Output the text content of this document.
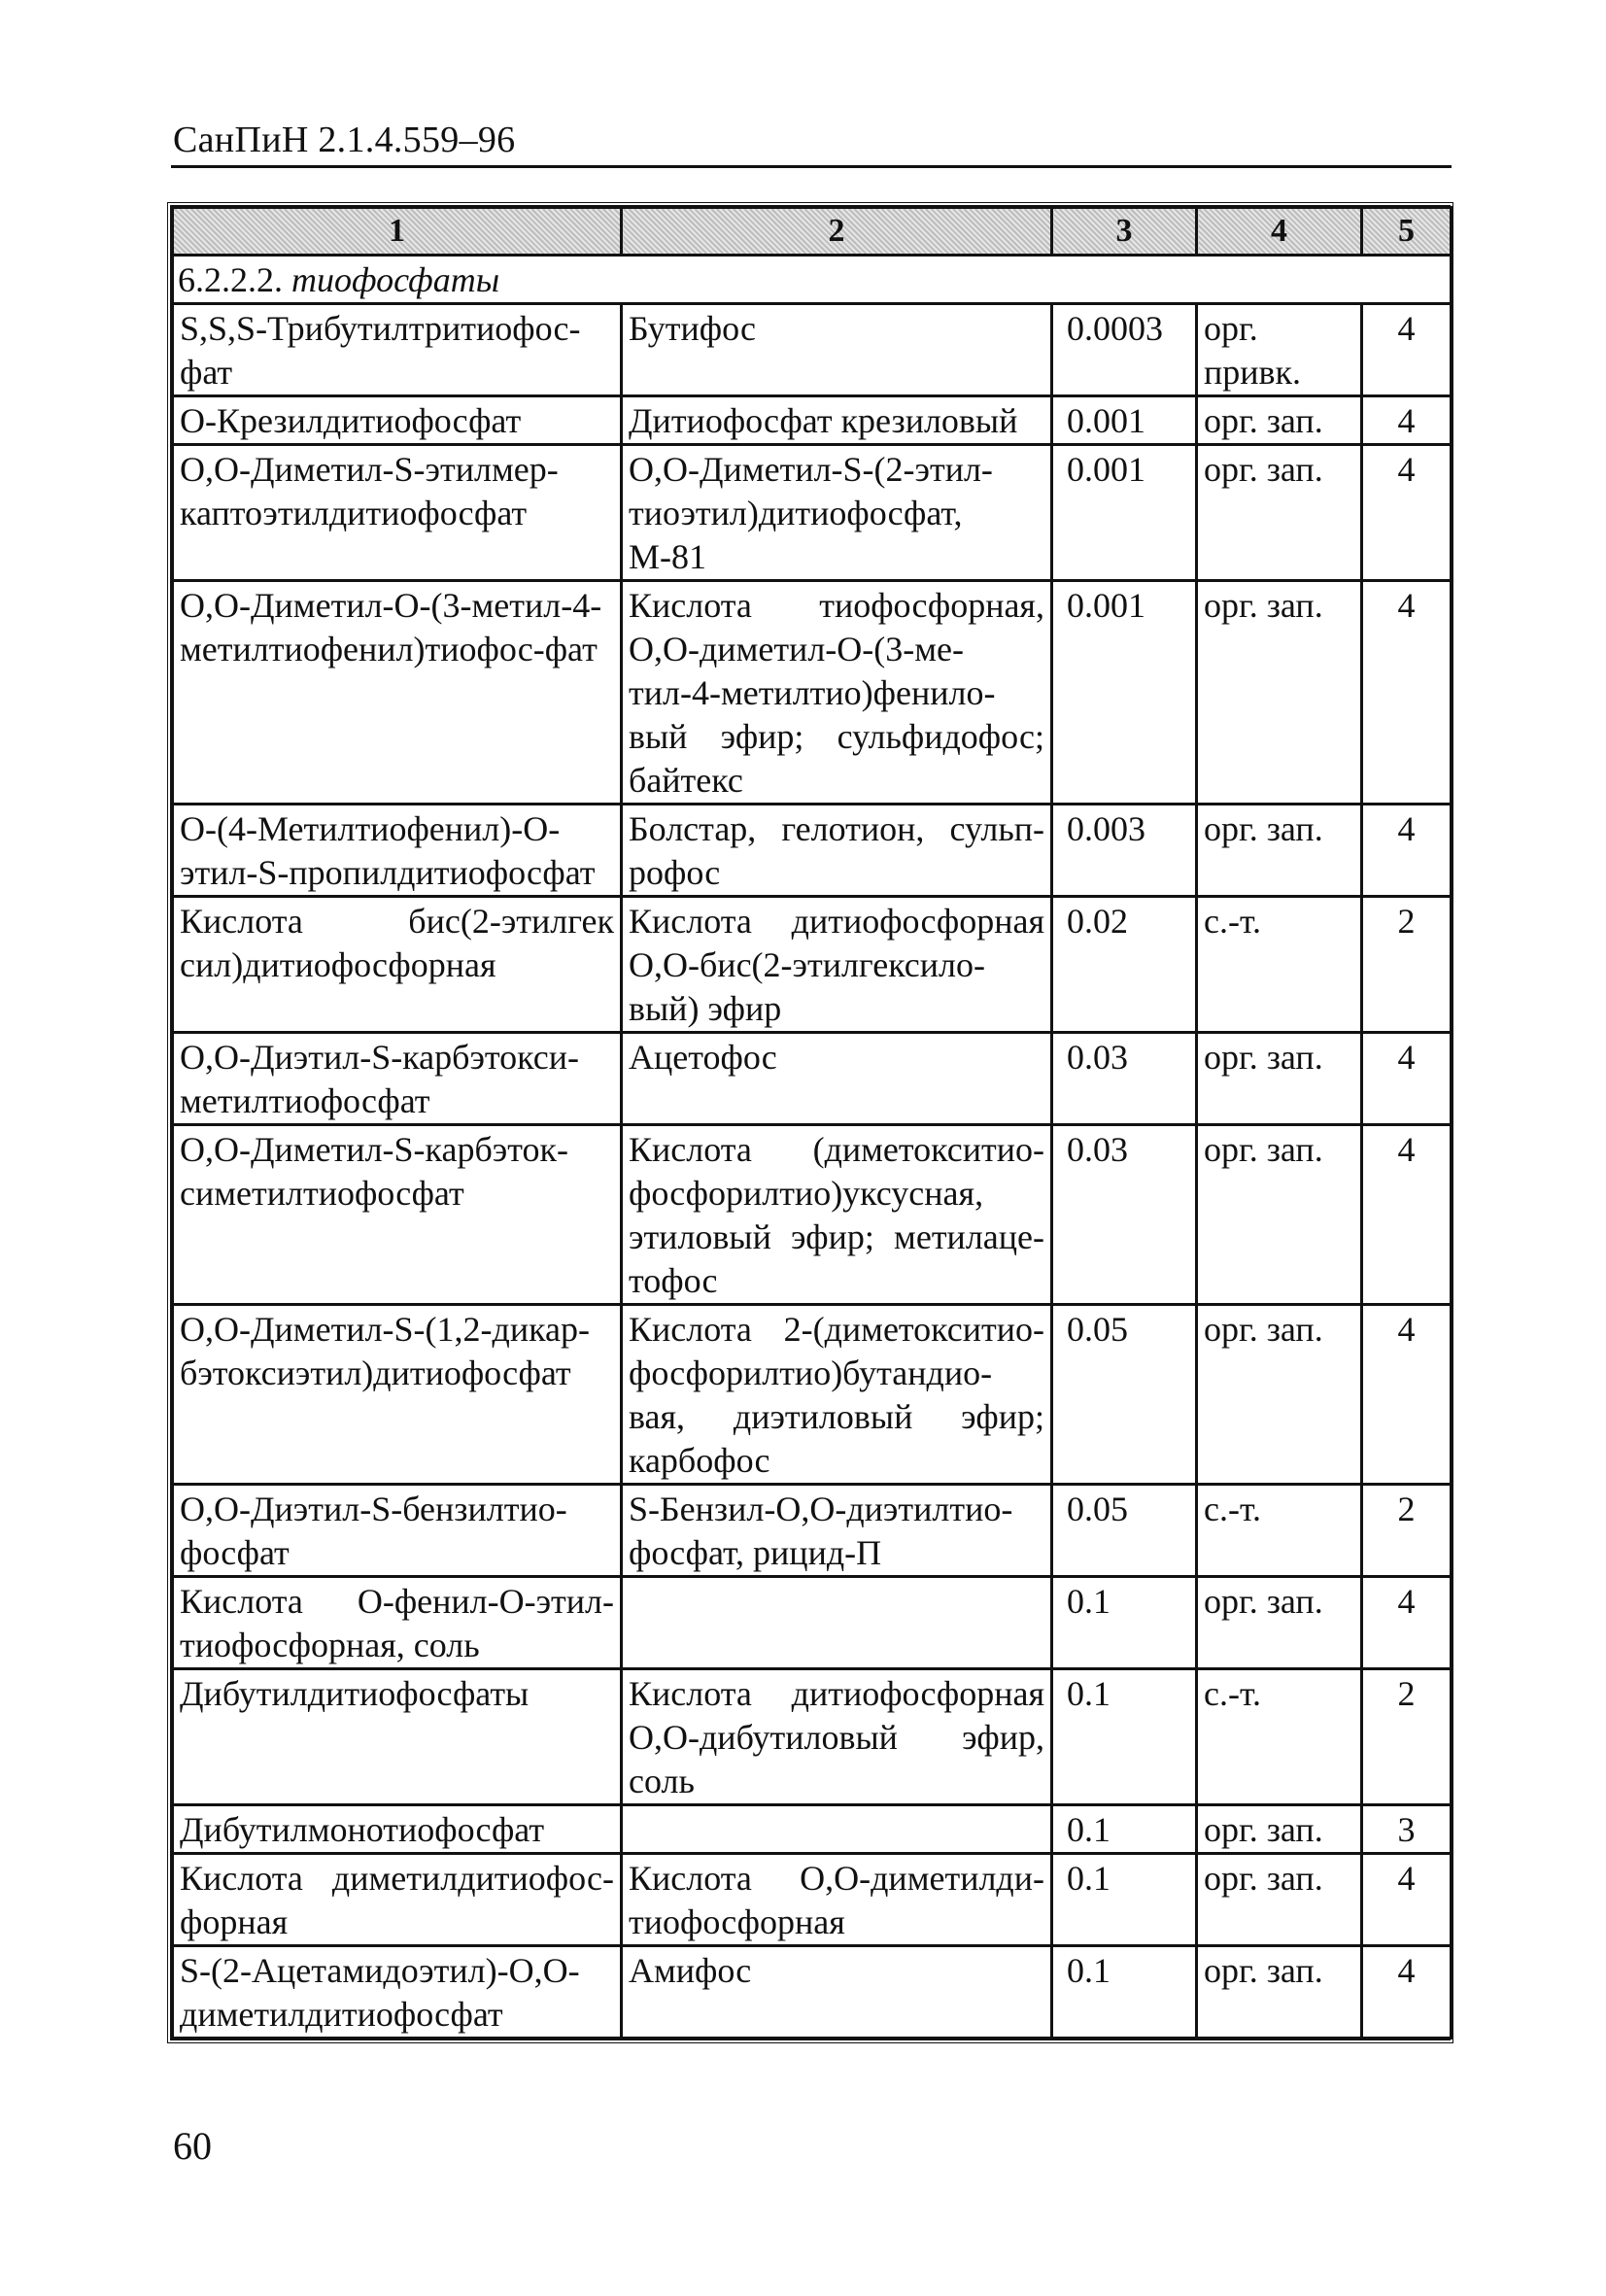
СанПиН 2.1.4.559–96
1	2	3	4	5
6.2.2.2. тиофосфаты				
S,S,S-Трибутилтритиофос-фат	Бутифос	0.0003	орг. привк.	4
О-Крезилдитиофосфат	Дитиофосфат крезиловый	0.001	орг. зап.	4
О,О-Диметил-S-этилмер-каптоэтилдитиофосфат	О,О-Диметил-S-(2-этил-тиоэтил)дитиофосфат, М-81	0.001	орг. зап.	4
О,О-Диметил-О-(3-метил-4-метилтиофенил)тиофос-фат	Кислота тиофосфорная, О,О-диметил-О-(3-ме-тил-4-метилтио)фенило-вый эфир; сульфидофос; байтекс	0.001	орг. зап.	4
О-(4-Метилтиофенил)-О-этил-S-пропилдитиофосфат	Болстар, гелотион, сульп-рофос	0.003	орг. зап.	4
Кислота бис(2-этилгек сил)дитиофосфорная	Кислота дитиофосфорная О,О-бис(2-этилгексило-вый) эфир	0.02	с.-т.	2
О,О-Диэтил-S-карбэтокси-метилтиофосфат	Ацетофос	0.03	орг. зап.	4
О,О-Диметил-S-карбэток-симетилтиофосфат	Кислота (диметокситио-фосфорилтио)уксусная, этиловый эфир; метилаце-тофос	0.03	орг. зап.	4
О,О-Диметил-S-(1,2-дикар-бэтоксиэтил)дитиофосфат	Кислота 2-(диметокситио-фосфорилтио)бутандио-вая, диэтиловый эфир; карбофос	0.05	орг. зап.	4
О,О-Диэтил-S-бензилтио-фосфат	S-Бензил-О,О-диэтилтио-фосфат, рицид-П	0.05	с.-т.	2
Кислота О-фенил-О-этил-тиофосфорная, соль		0.1	орг. зап.	4
Дибутилдитиофосфаты	Кислота дитиофосфорная О,О-дибутиловый эфир, соль	0.1	с.-т.	2
Дибутилмонотиофосфат		0.1	орг. зап.	3
Кислота диметилдитиофос-форная	Кислота О,О-диметилди-тиофосфорная	0.1	орг. зап.	4
S-(2-Ацетамидоэтил)-О,О-диметилдитиофосфат	Амифос	0.1	орг. зап.	4
60
